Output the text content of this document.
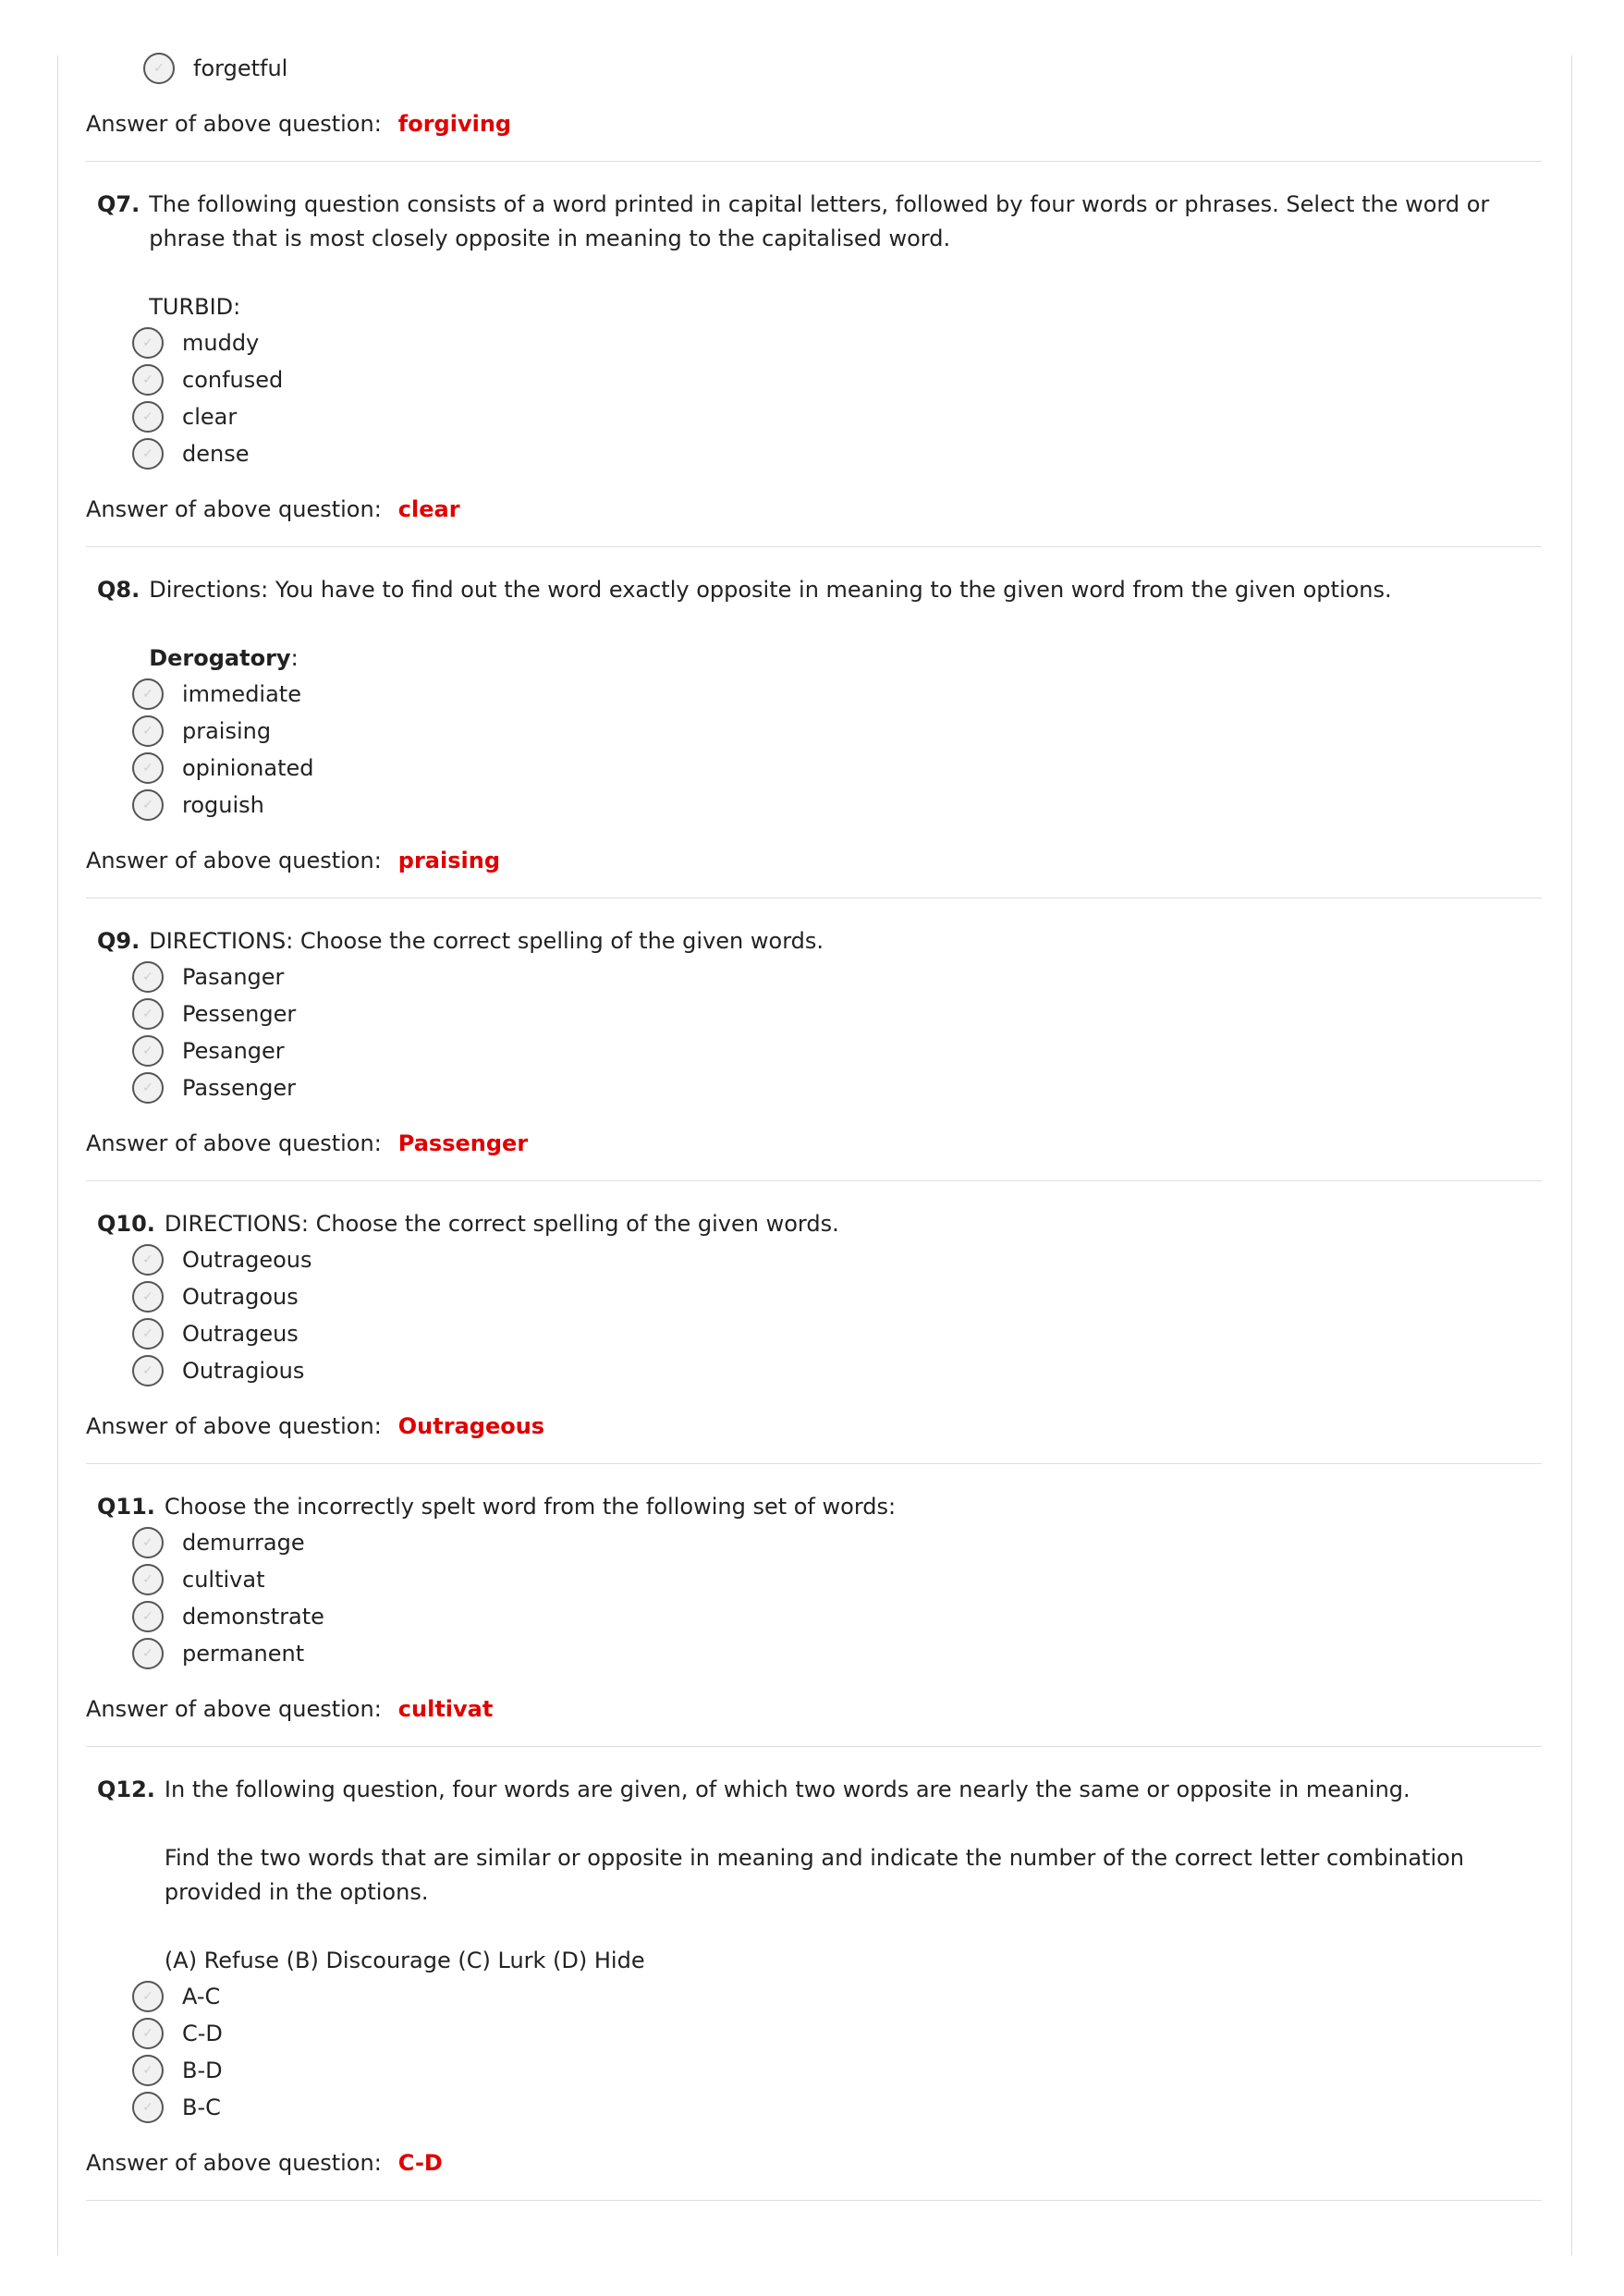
✓	forgetful
Answer of above question: forgiving
Q7. The following question consists of a word printed in capital letters, followed by four words or phrases. Select the word or phrase that is most closely opposite in meaning to the capitalised word.
TURBID:
✓	muddy
✓	confused
✓	clear
✓	dense
Answer of above question: clear
Q8. Directions: You have to find out the word exactly opposite in meaning to the given word from the given options.
Derogatory:
✓	immediate
✓	praising
✓	opinionated
✓	roguish
Answer of above question: praising
Q9. DIRECTIONS: Choose the correct spelling of the given words.
✓	Pasanger
✓	Pessenger
✓	Pesanger
✓	Passenger
Answer of above question: Passenger
Q10. DIRECTIONS: Choose the correct spelling of the given words.
✓	Outrageous
✓	Outragous
✓	Outrageus
✓	Outragious
Answer of above question: Outrageous
Q11. Choose the incorrectly spelt word from the following set of words:
✓	demurrage
✓	cultivat
✓	demonstrate
✓	permanent
Answer of above question: cultivat
Q12. In the following question, four words are given, of which two words are nearly the same or opposite in meaning.
Find the two words that are similar or opposite in meaning and indicate the number of the correct letter combination provided in the options.
(A) Refuse (B) Discourage (C) Lurk (D) Hide
✓	A-C
✓	C-D
✓	B-D
✓	B-C
Answer of above question: C-D
